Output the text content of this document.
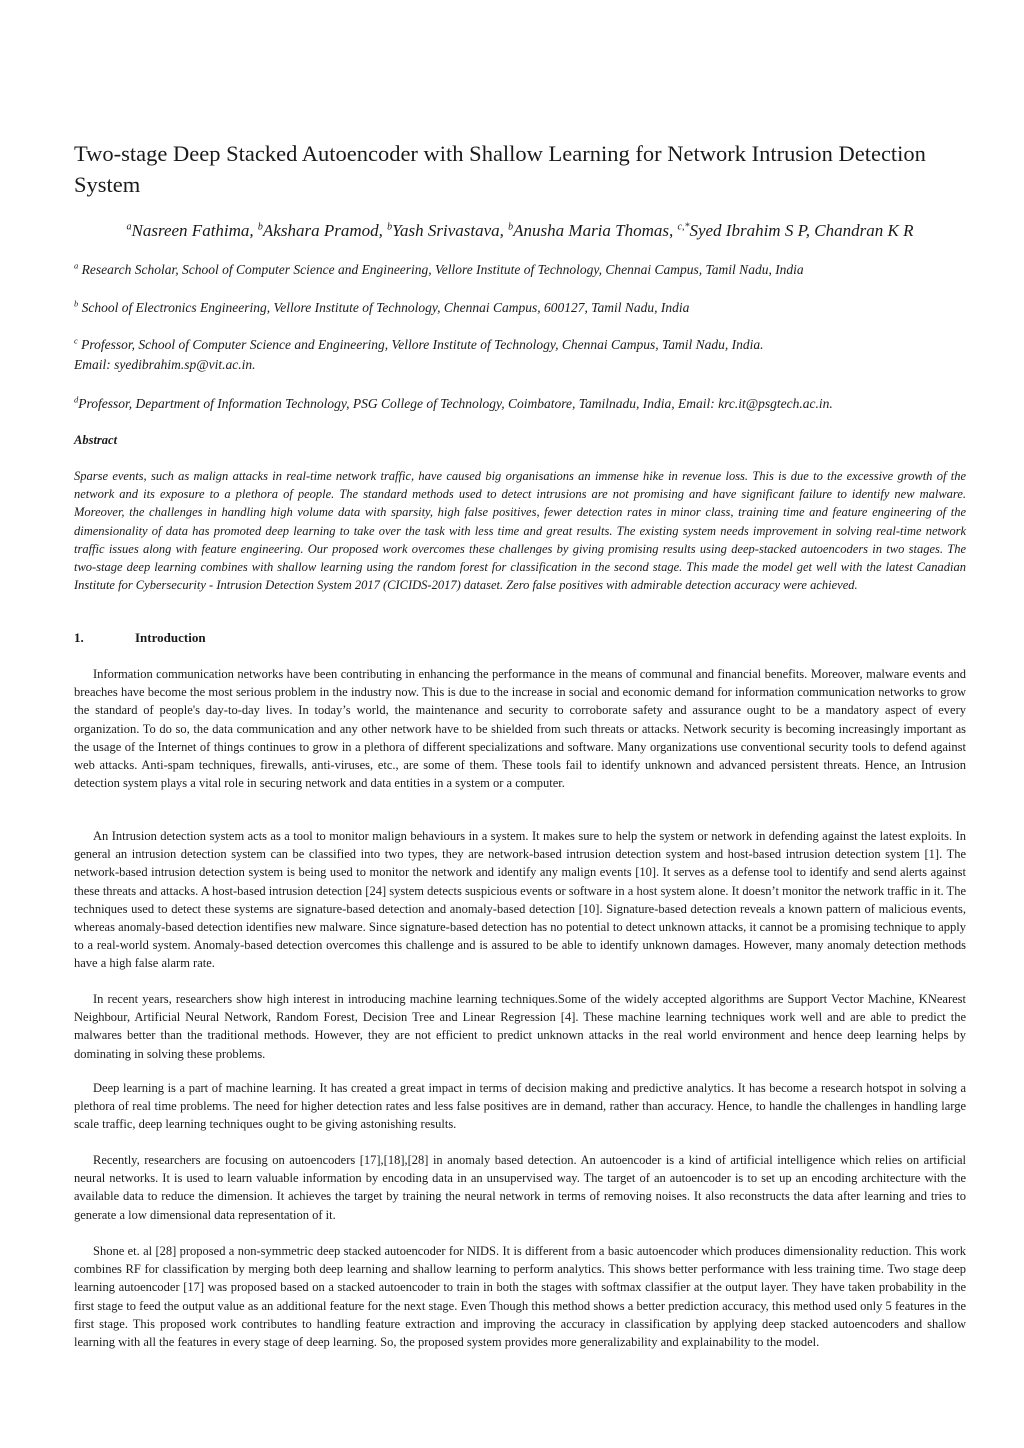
Two-stage Deep Stacked Autoencoder with Shallow Learning for Network Intrusion Detection System
$^a$Nasreen Fathima, $^b$Akshara Pramod, $^b$Yash Srivastava, $^b$Anusha Maria Thomas, $^{c,*}$Syed Ibrahim S P, Chandran K R
$^a$ Research Scholar, School of Computer Science and Engineering, Vellore Institute of Technology, Chennai Campus, Tamil Nadu, India
$^b$ School of Electronics Engineering, Vellore Institute of Technology, Chennai Campus, 600127, Tamil Nadu, India
$^c$ Professor, School of Computer Science and Engineering, Vellore Institute of Technology, Chennai Campus, Tamil Nadu, India.
Email: syedibrahim.sp@vit.ac.in.
$^d$Professor, Department of Information Technology, PSG College of Technology, Coimbatore, Tamilnadu, India, Email: krc.it@psgtech.ac.in.
Abstract

Sparse events, such as malign attacks in real-time network traffic, have caused big organisations an immense hike in revenue loss. This is due to the excessive growth of the network and its exposure to a plethora of people. The standard methods used to detect intrusions are not promising and have significant failure to identify new malware. Moreover, the challenges in handling high volume data with sparsity, high false positives, fewer detection rates in minor class, training time and feature engineering of the dimensionality of data has promoted deep learning to take over the task with less time and great results. The existing system needs improvement in solving real-time network traffic issues along with feature engineering. Our proposed work overcomes these challenges by giving promising results using deep-stacked autoencoders in two stages. The two-stage deep learning combines with shallow learning using the random forest for classification in the second stage. This made the model get well with the latest Canadian Institute for Cybersecurity - Intrusion Detection System 2017 (CICIDS-2017) dataset. Zero false positives with admirable detection accuracy were achieved.

1.	Introduction

Information communication networks have been contributing in enhancing the performance in the means of communal and financial benefits. Moreover, malware events and breaches have become the most serious problem in the industry now. This is due to the increase in social and economic demand for information communication networks to grow the standard of people's day-to-day lives. In today’s world, the maintenance and security to corroborate safety and assurance ought to be a mandatory aspect of every organization. To do so, the data communication and any other network have to be shielded from such threats or attacks. Network security is becoming increasingly important as the usage of the Internet of things continues to grow in a plethora of different specializations and software. Many organizations use conventional security tools to defend against web attacks. Anti-spam techniques, firewalls, anti-viruses, etc., are some of them. These tools fail to identify unknown and advanced persistent threats. Hence, an Intrusion detection system plays a vital role in securing network and data entities in a system or a computer.

An Intrusion detection system acts as a tool to monitor malign behaviours in a system. It makes sure to help the system or network in defending against the latest exploits. In general an intrusion detection system can be classified into two types, they are network-based intrusion detection system and host-based intrusion detection system [1]. The network-based intrusion detection system is being used to monitor the network and identify any malign events [10]. It serves as a defense tool to identify and send alerts against these threats and attacks. A host-based intrusion detection [24] system detects suspicious events or software in a host system alone. It doesn’t monitor the network traffic in it. The techniques used to detect these systems are signature-based detection and anomaly-based detection [10]. Signature-based detection reveals a known pattern of malicious events, whereas anomaly-based detection identifies new malware. Since signature-based detection has no potential to detect unknown attacks, it cannot be a promising technique to apply to a real-world system. Anomaly-based detection overcomes this challenge and is assured to be able to identify unknown damages. However, many anomaly detection methods have a high false alarm rate.

In recent years, researchers show high interest in introducing machine learning techniques.Some of the widely accepted algorithms are Support Vector Machine, KNearest Neighbour, Artificial Neural Network, Random Forest, Decision Tree and Linear Regression [4]. These machine learning techniques work well and are able to predict the malwares better than the traditional methods. However, they are not efficient to predict unknown attacks in the real world environment and hence deep learning helps by dominating in solving these problems.

Deep learning is a part of machine learning. It has created a great impact in terms of decision making and predictive analytics. It has become a research hotspot in solving a plethora of real time problems. The need for higher detection rates and less false positives are in demand, rather than accuracy. Hence, to handle the challenges in handling large scale traffic, deep learning techniques ought to be giving astonishing results.

Recently, researchers are focusing on autoencoders [17],[18],[28] in anomaly based detection. An autoencoder is a kind of artificial intelligence which relies on artificial neural networks. It is used to learn valuable information by encoding data in an unsupervised way. The target of an autoencoder is to set up an encoding architecture with the available data to reduce the dimension. It achieves the target by training the neural network in terms of removing noises. It also reconstructs the data after learning and tries to generate a low dimensional data representation of it.

Shone et. al [28] proposed a non-symmetric deep stacked autoencoder for NIDS. It is different from a basic autoencoder which produces dimensionality reduction. This work combines RF for classification by merging both deep learning and shallow learning to perform analytics. This shows better performance with less training time. Two stage deep learning autoencoder [17] was proposed based on a stacked autoencoder to train in both the stages with softmax classifier at the output layer. They have taken probability in the first stage to feed the output value as an additional feature for the next stage. Even Though this method shows a better prediction accuracy, this method used only 5 features in the first stage. This proposed work contributes to handling feature extraction and improving the accuracy in classification by applying deep stacked autoencoders and shallow learning with all the features in every stage of deep learning. So, the proposed system provides more generalizability and explainability to the model.
